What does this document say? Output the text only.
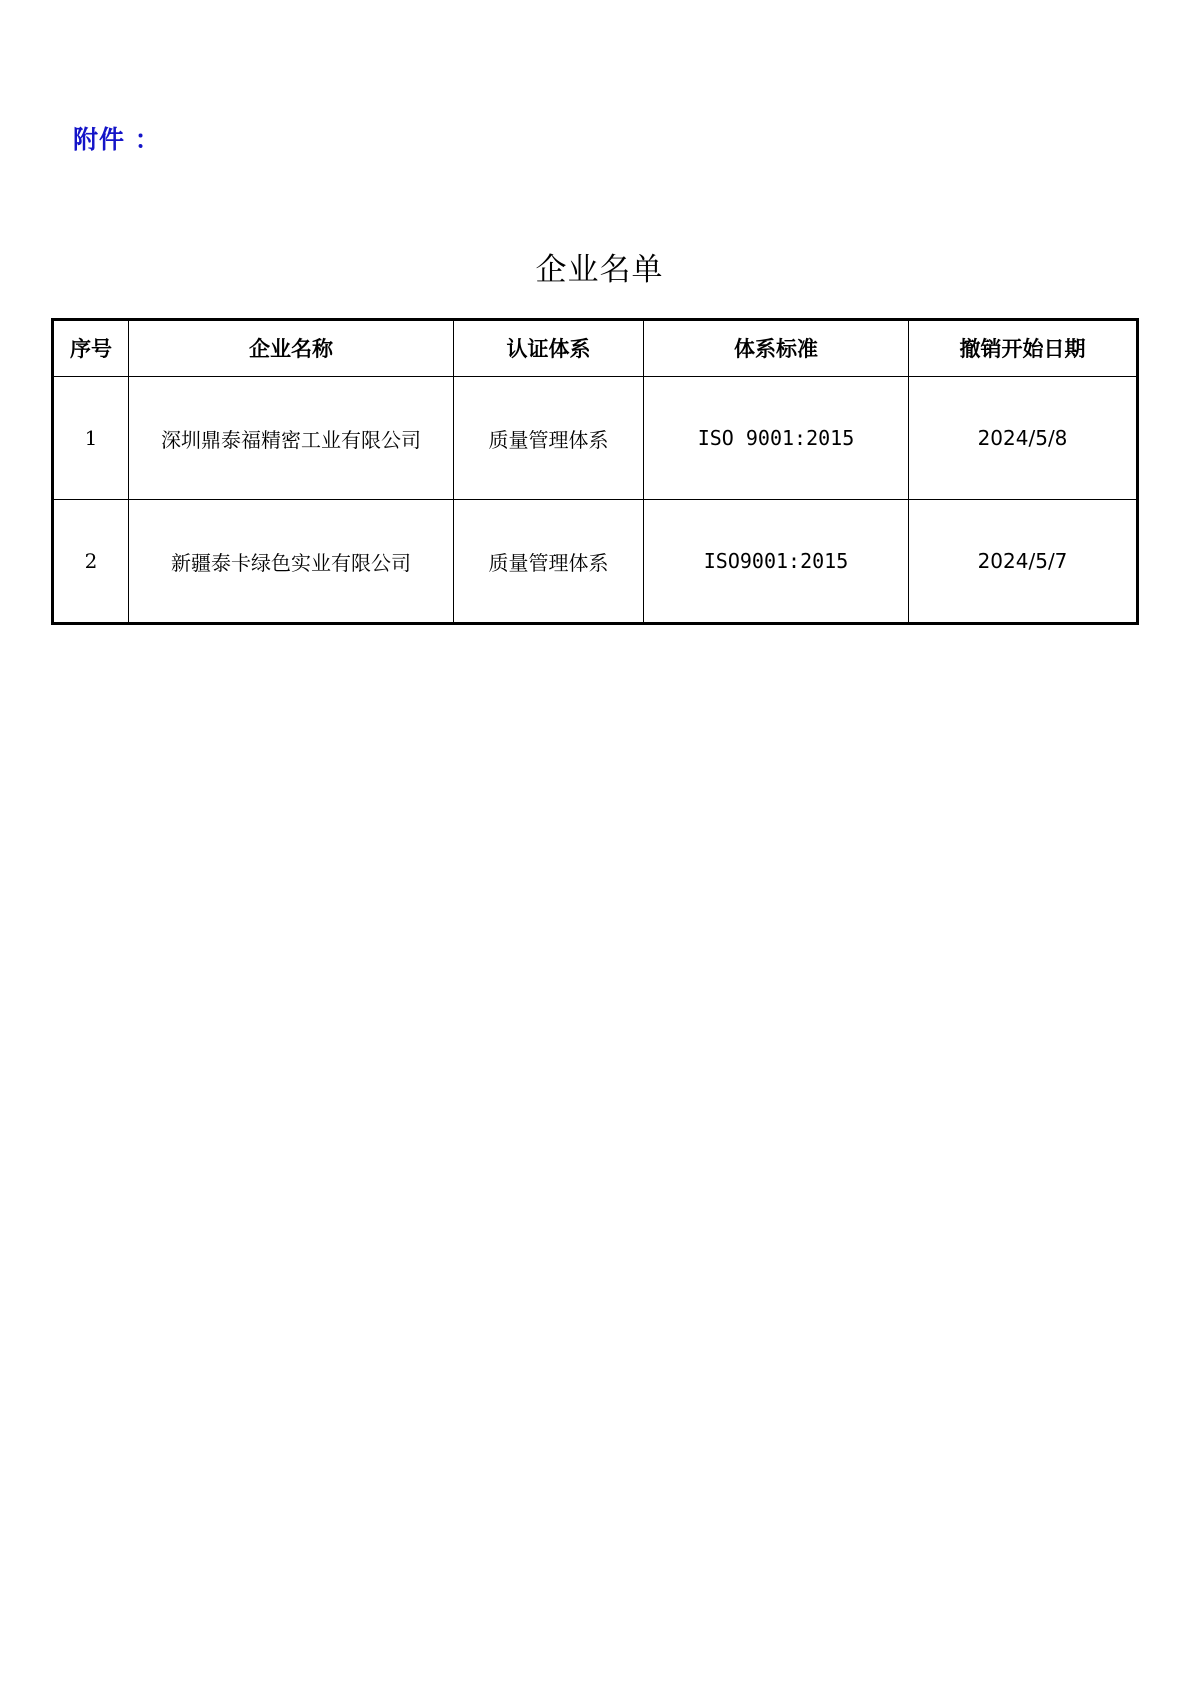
附件 ：
企业名单
序号	企业名称	认证体系	体系标准	撤销开始日期
1	深圳鼎泰福精密工业有限公司	质量管理体系	ISO 9001:2015	2024/5/8
2	新疆泰卡绿色实业有限公司	质量管理体系	ISO9001:2015	2024/5/7
